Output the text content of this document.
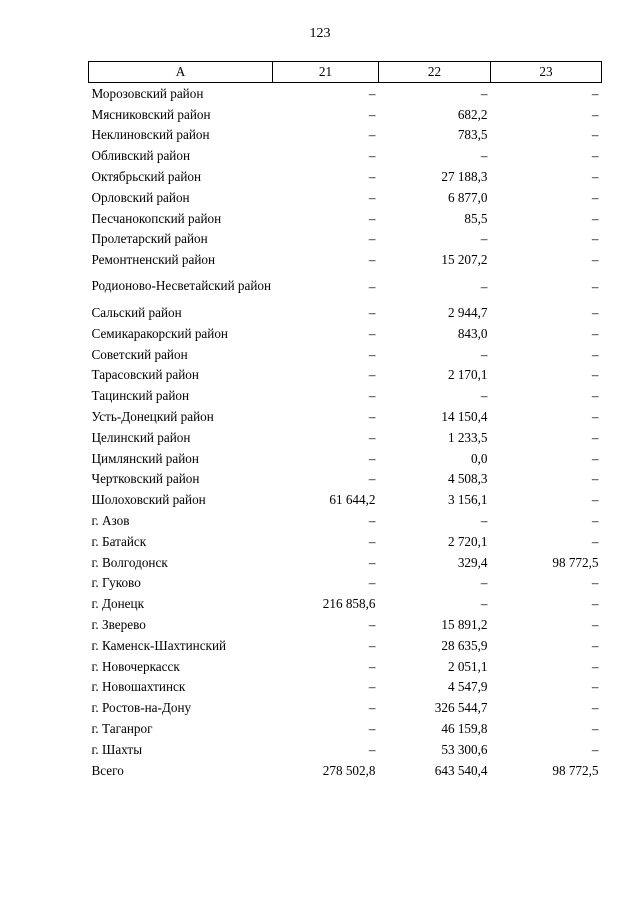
123
А	21	22	23
Морозовский район	–	–	–
Мясниковский район	–	682,2	–
Неклиновский район	–	783,5	–
Обливский район	–	–	–
Октябрьский район	–	27 188,3	–
Орловский район	–	6 877,0	–
Песчанокопский район	–	85,5	–
Пролетарский район	–	–	–
Ремонтненский район	–	15 207,2	–
Родионово-Несветайский район	–	–	–
Сальский район	–	2 944,7	–
Семикаракорский район	–	843,0	–
Советский район	–	–	–
Тарасовский район	–	2 170,1	–
Тацинский район	–	–	–
Усть-Донецкий район	–	14 150,4	–
Целинский район	–	1 233,5	–
Цимлянский район	–	0,0	–
Чертковский район	–	4 508,3	–
Шолоховский район	61 644,2	3 156,1	–
г. Азов	–	–	–
г. Батайск	–	2 720,1	–
г. Волгодонск	–	329,4	98 772,5
г. Гуково	–	–	–
г. Донецк	216 858,6	–	–
г. Зверево	–	15 891,2	–
г. Каменск-Шахтинский	–	28 635,9	–
г. Новочеркасск	–	2 051,1	–
г. Новошахтинск	–	4 547,9	–
г. Ростов-на-Дону	–	326 544,7	–
г. Таганрог	–	46 159,8	–
г. Шахты	–	53 300,6	–
Всего	278 502,8	643 540,4	98 772,5
